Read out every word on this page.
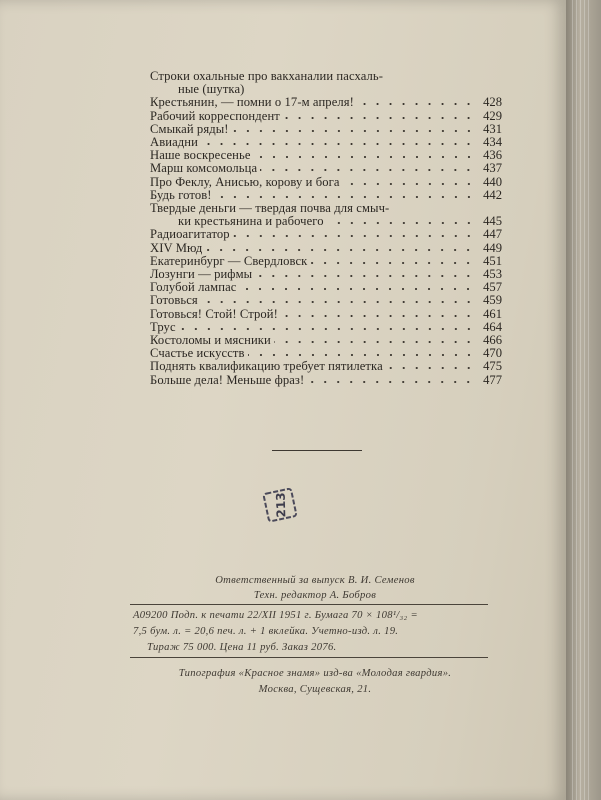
Строки охальные про вакханалии пасхаль-
ные (шутка)
Крестьянин, — помни о 17-м апреля!	428
Рабочий корреспондент	429
Смыкай ряды!	431
Авиадни	434
Наше воскресенье	436
Марш комсомольца	437
Про Феклу, Анисью, корову и бога	440
Будь готов!	442
Твердые деньги — твердая почва для смыч-
ки крестьянина и рабочего	445
Радиоагитатор	447
XIV Мюд	449
Екатеринбург — Свердловск	451
Лозунги — рифмы	453
Голубой лампас	457
Готовься	459
Готовься! Стой! Строй!	461
Трус	464
Костоломы и мясники	466
Счастье искусств	470
Поднять квалификацию требует пятилетка	475
Больше дела! Меньше фраз!	477
213
Ответственный за выпуск В. И. Семенов
Техн. редактор А. Бобров
А09200 Подп. к печати 22/XII 1951 г. Бумага 70 × 108¹/₃₂ =
7,5 бум. л. = 20,6 печ. л. + 1 вклейка. Учетно-изд. л. 19.
Тираж 75 000. Цена 11 руб. Заказ 2076.
Типография «Красное знамя» изд-ва «Молодая гвардия».
Москва, Сущевская, 21.
